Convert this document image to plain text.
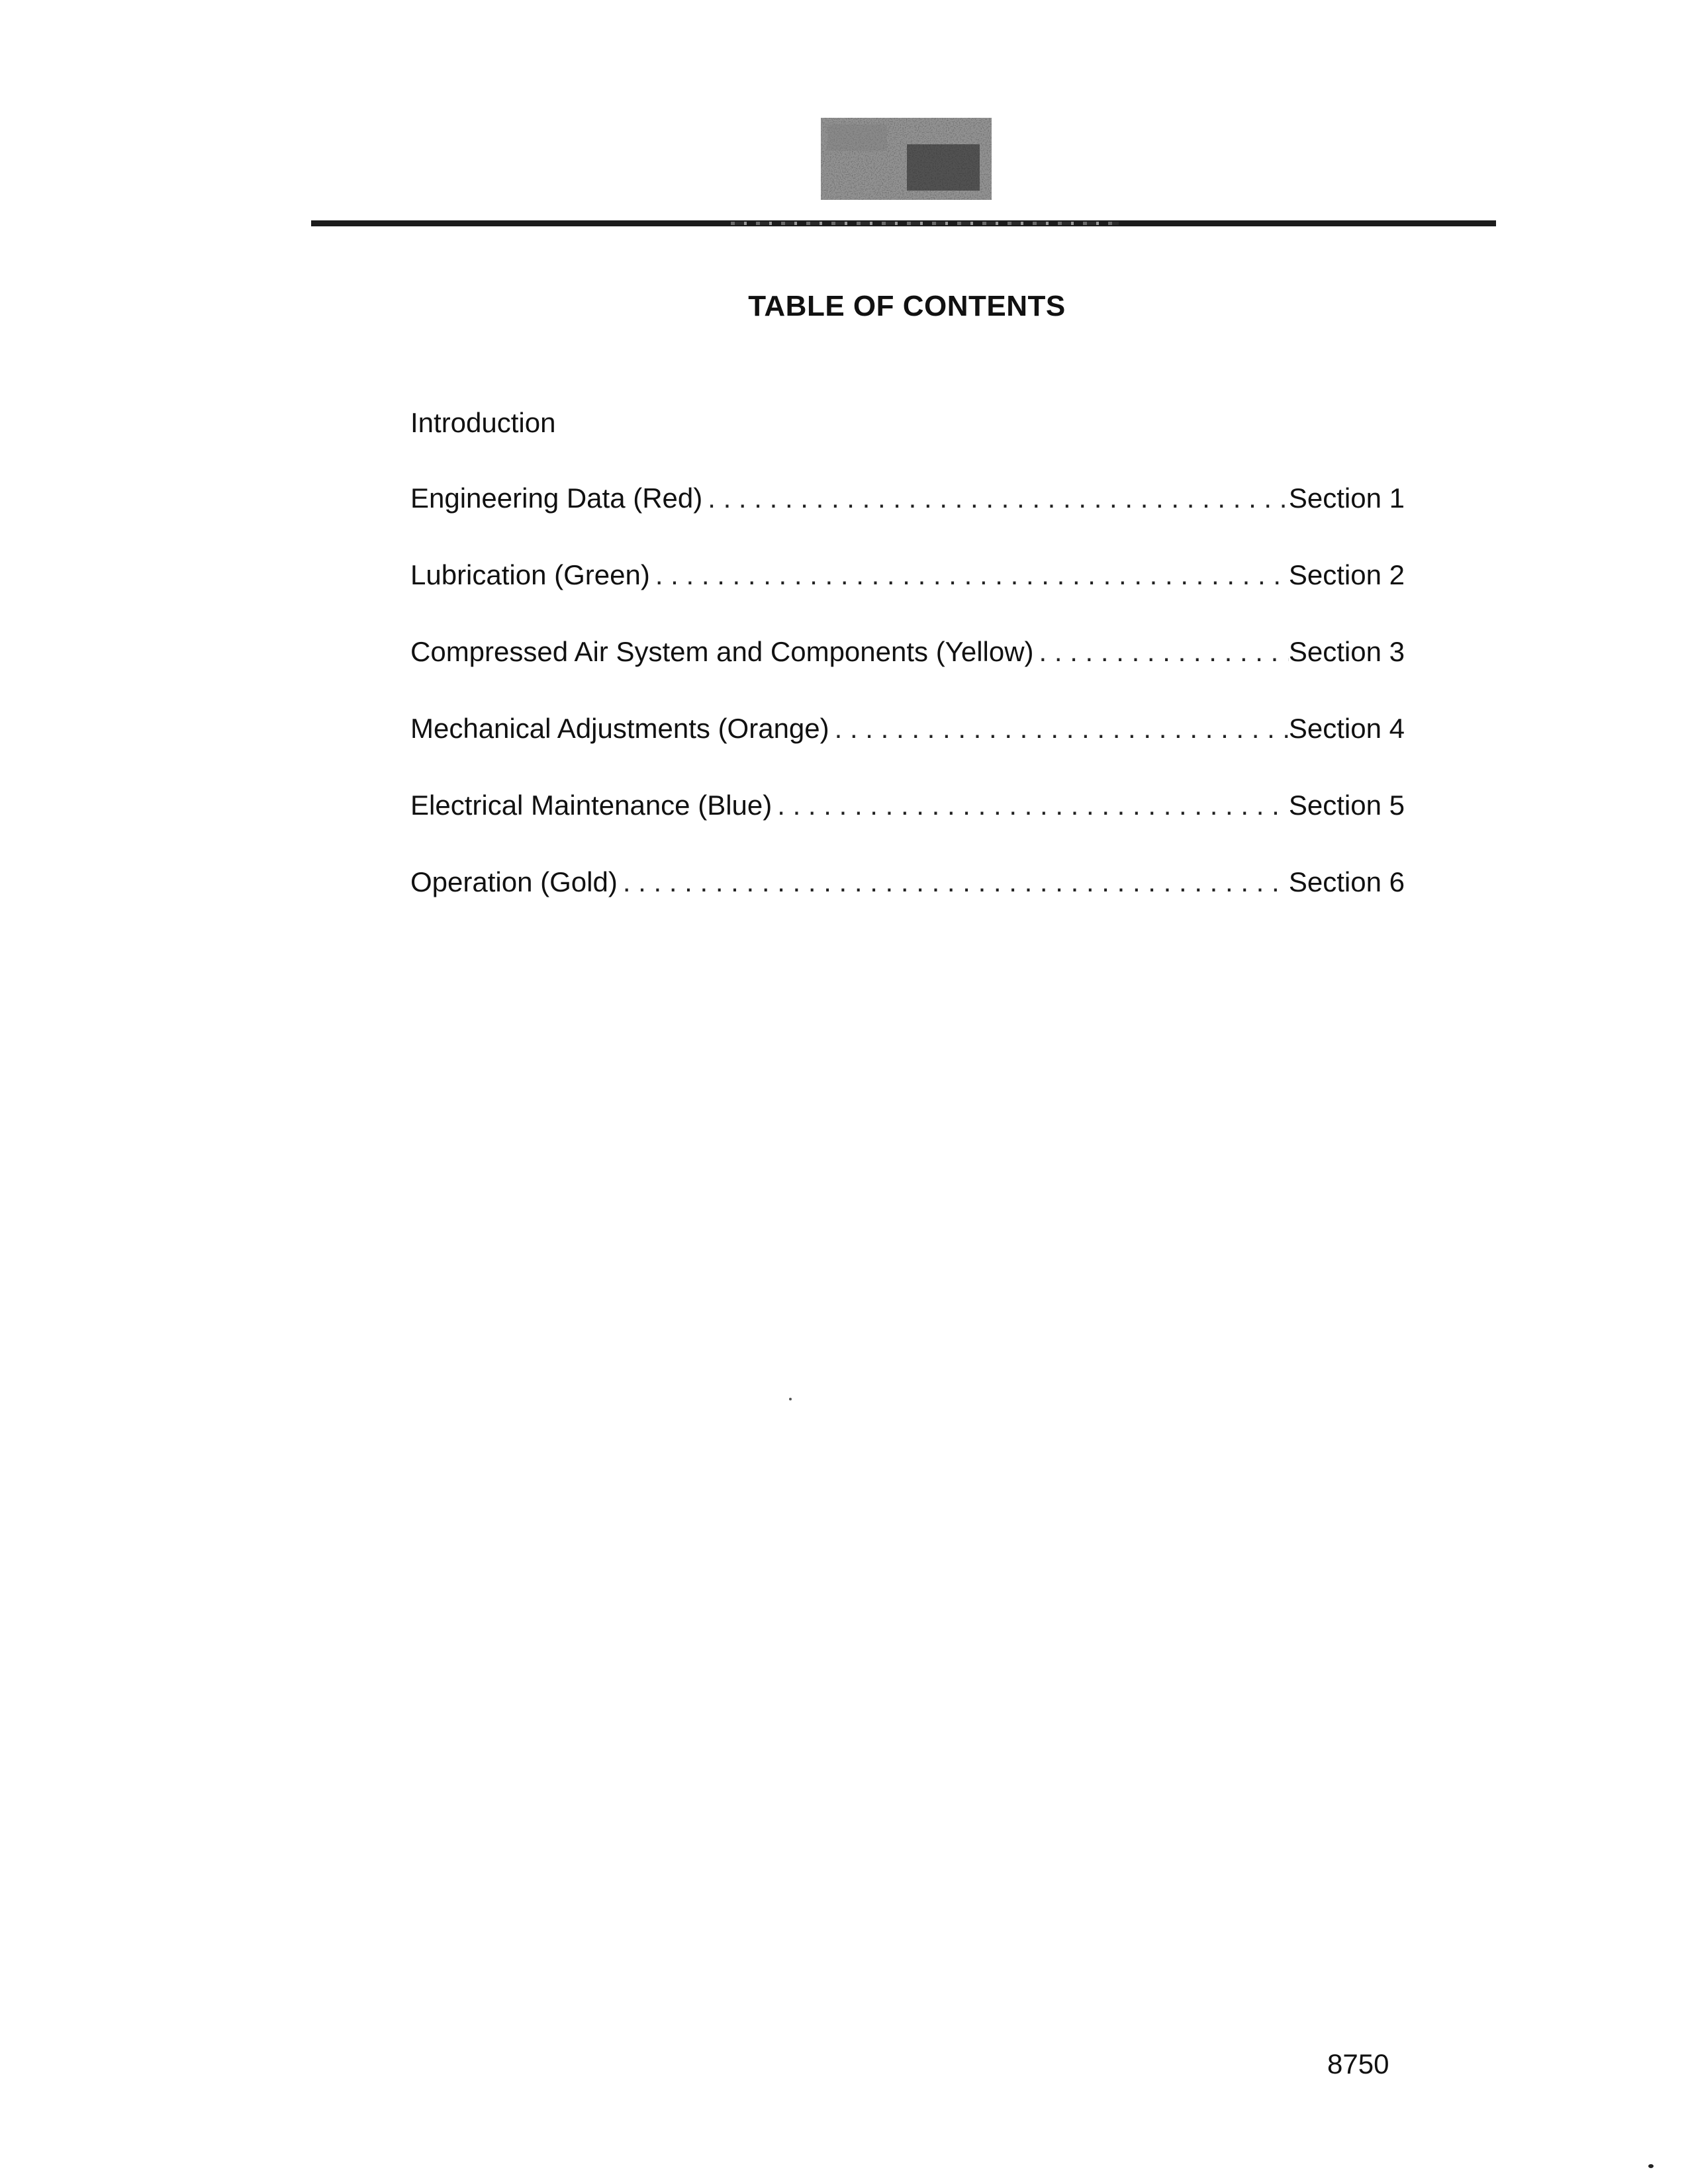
TABLE OF CONTENTS
Introduction
Engineering Data (Red) . . .	Section 1
Lubrication (Green) . . .	Section 2
Compressed Air System and Components (Yellow) . . .	Section 3
Mechanical Adjustments (Orange) . . .	Section 4
Electrical Maintenance (Blue) . . .	Section 5
Operation (Gold) . . .	Section 6
8750
